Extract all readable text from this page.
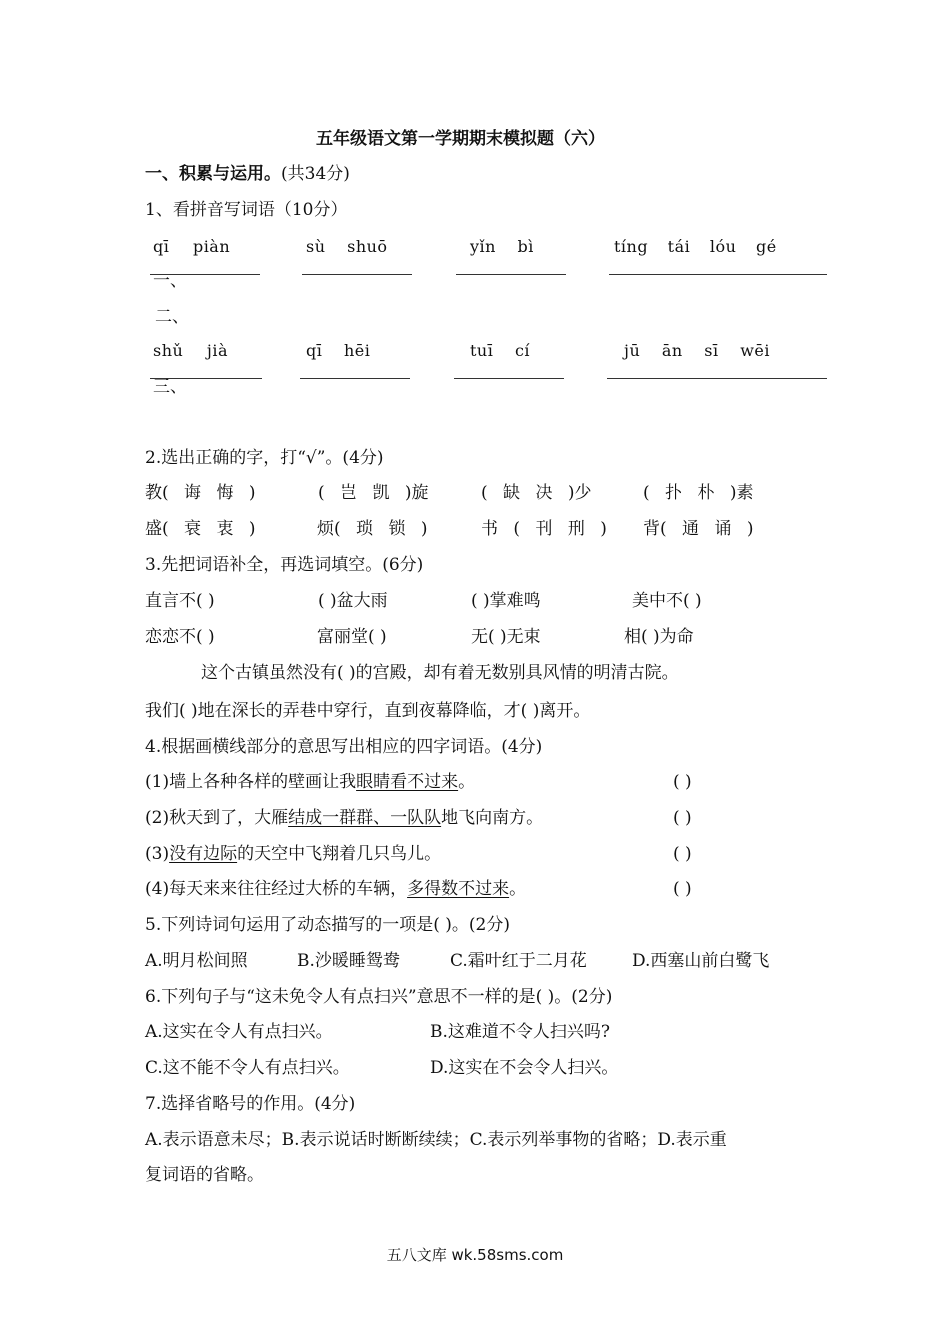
五年级语文第一学期期末模拟题（六）
一、积累与运用。(共34分)
1、看拼音写词语（10分）
qī piàn	sù shuō	yǐn bì	tíng tái lóu gé
一、
二、
shǔ jià	qī hēi	tuī cí	jū ān sī wēi
三、
2.选出正确的字，打“√”。(4分)
教( 诲 悔 )	( 岂 凯 )旋	( 缺 决 )少	( 扑 朴 )素
盛( 衰 衷 )	烦( 琐 锁 )	书 ( 刊 刑 ) 背( 通 诵 )
3.先把词语补全，再选词填空。(6分)
直言不( )	( )盆大雨	( )掌难鸣	美中不( )
恋恋不( )	富丽堂( )	无( )无束	相( )为命
这个古镇虽然没有( )的宫殿，却有着无数别具风情的明清古院。
我们( )地在深长的弄巷中穿行，直到夜幕降临，才( )离开。
4.根据画横线部分的意思写出相应的四字词语。(4分)
(1)墙上各种各样的壁画让我眼睛看不过来。	( )
(2)秋天到了，大雁结成一群群、一队队地飞向南方。	( )
(3)没有边际的天空中飞翔着几只鸟儿。	( )
(4)每天来来往往经过大桥的车辆，多得数不过来。	( )
5.下列诗词句运用了动态描写的一项是( )。(2分)
A.明月松间照	B.沙暖睡鸳鸯	C.霜叶红于二月花	D.西塞山前白鹭飞
6.下列句子与“这未免令人有点扫兴”意思不一样的是( )。(2分)
A.这实在令人有点扫兴。	B.这难道不令人扫兴吗?
C.这不能不令人有点扫兴。	D.这实在不会令人扫兴。
7.选择省略号的作用。(4分)
A.表示语意未尽；B.表示说话时断断续续；C.表示列举事物的省略；D.表示重
复词语的省略。
五八文库 wk.58sms.com
